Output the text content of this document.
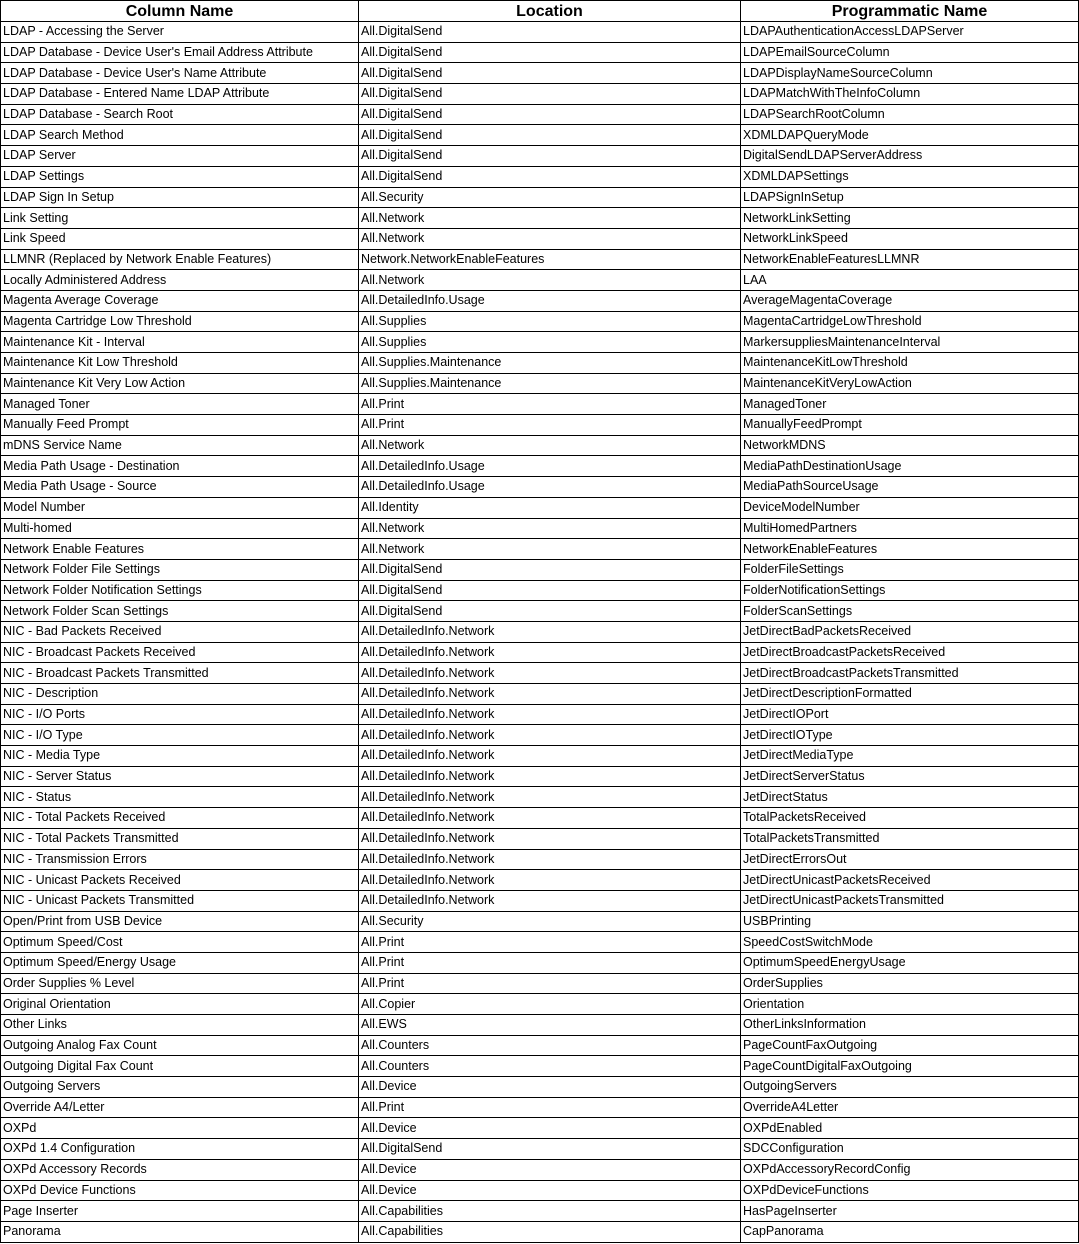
Column Name	Location	Programmatic Name
LDAP - Accessing the Server	All.DigitalSend	LDAPAuthenticationAccessLDAPServer
LDAP Database - Device User's Email Address Attribute	All.DigitalSend	LDAPEmailSourceColumn
LDAP Database - Device User's Name Attribute	All.DigitalSend	LDAPDisplayNameSourceColumn
LDAP Database - Entered Name LDAP Attribute	All.DigitalSend	LDAPMatchWithTheInfoColumn
LDAP Database - Search Root	All.DigitalSend	LDAPSearchRootColumn
LDAP Search Method	All.DigitalSend	XDMLDAPQueryMode
LDAP Server	All.DigitalSend	DigitalSendLDAPServerAddress
LDAP Settings	All.DigitalSend	XDMLDAPSettings
LDAP Sign In Setup	All.Security	LDAPSignInSetup
Link Setting	All.Network	NetworkLinkSetting
Link Speed	All.Network	NetworkLinkSpeed
LLMNR (Replaced by Network Enable Features)	Network.NetworkEnableFeatures	NetworkEnableFeaturesLLMNR
Locally Administered Address	All.Network	LAA
Magenta Average Coverage	All.DetailedInfo.Usage	AverageMagentaCoverage
Magenta Cartridge Low Threshold	All.Supplies	MagentaCartridgeLowThreshold
Maintenance Kit - Interval	All.Supplies	MarkersuppliesMaintenanceInterval
Maintenance Kit Low Threshold	All.Supplies.Maintenance	MaintenanceKitLowThreshold
Maintenance Kit Very Low Action	All.Supplies.Maintenance	MaintenanceKitVeryLowAction
Managed Toner	All.Print	ManagedToner
Manually Feed Prompt	All.Print	ManuallyFeedPrompt
mDNS Service Name	All.Network	NetworkMDNS
Media Path Usage - Destination	All.DetailedInfo.Usage	MediaPathDestinationUsage
Media Path Usage - Source	All.DetailedInfo.Usage	MediaPathSourceUsage
Model Number	All.Identity	DeviceModelNumber
Multi-homed	All.Network	MultiHomedPartners
Network Enable Features	All.Network	NetworkEnableFeatures
Network Folder File Settings	All.DigitalSend	FolderFileSettings
Network Folder Notification Settings	All.DigitalSend	FolderNotificationSettings
Network Folder Scan Settings	All.DigitalSend	FolderScanSettings
NIC - Bad Packets Received	All.DetailedInfo.Network	JetDirectBadPacketsReceived
NIC - Broadcast Packets Received	All.DetailedInfo.Network	JetDirectBroadcastPacketsReceived
NIC - Broadcast Packets Transmitted	All.DetailedInfo.Network	JetDirectBroadcastPacketsTransmitted
NIC - Description	All.DetailedInfo.Network	JetDirectDescriptionFormatted
NIC - I/O Ports	All.DetailedInfo.Network	JetDirectIOPort
NIC - I/O Type	All.DetailedInfo.Network	JetDirectIOType
NIC - Media Type	All.DetailedInfo.Network	JetDirectMediaType
NIC - Server Status	All.DetailedInfo.Network	JetDirectServerStatus
NIC - Status	All.DetailedInfo.Network	JetDirectStatus
NIC - Total Packets Received	All.DetailedInfo.Network	TotalPacketsReceived
NIC - Total Packets Transmitted	All.DetailedInfo.Network	TotalPacketsTransmitted
NIC - Transmission Errors	All.DetailedInfo.Network	JetDirectErrorsOut
NIC - Unicast Packets Received	All.DetailedInfo.Network	JetDirectUnicastPacketsReceived
NIC - Unicast Packets Transmitted	All.DetailedInfo.Network	JetDirectUnicastPacketsTransmitted
Open/Print from USB Device	All.Security	USBPrinting
Optimum Speed/Cost	All.Print	SpeedCostSwitchMode
Optimum Speed/Energy Usage	All.Print	OptimumSpeedEnergyUsage
Order Supplies % Level	All.Print	OrderSupplies
Original Orientation	All.Copier	Orientation
Other Links	All.EWS	OtherLinksInformation
Outgoing Analog Fax Count	All.Counters	PageCountFaxOutgoing
Outgoing Digital Fax Count	All.Counters	PageCountDigitalFaxOutgoing
Outgoing Servers	All.Device	OutgoingServers
Override A4/Letter	All.Print	OverrideA4Letter
OXPd	All.Device	OXPdEnabled
OXPd 1.4 Configuration	All.DigitalSend	SDCConfiguration
OXPd Accessory Records	All.Device	OXPdAccessoryRecordConfig
OXPd Device Functions	All.Device	OXPdDeviceFunctions
Page Inserter	All.Capabilities	HasPageInserter
Panorama	All.Capabilities	CapPanorama
